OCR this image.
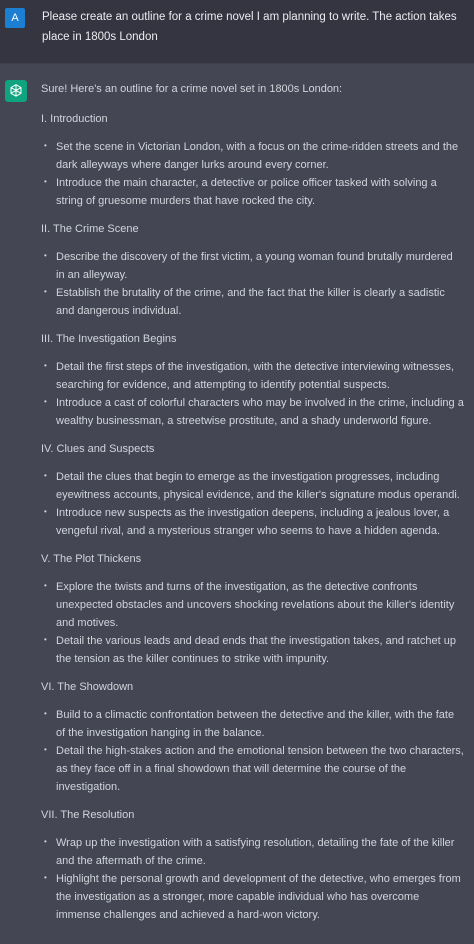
A	Please create an outline for a crime novel I am planning to write. The action takes place in 1800s London
Sure! Here's an outline for a crime novel set in 1800s London:
I. Introduction
• Set the scene in Victorian London, with a focus on the crime-ridden streets and the dark alleyways where danger lurks around every corner.
• Introduce the main character, a detective or police officer tasked with solving a string of gruesome murders that have rocked the city.
II. The Crime Scene
• Describe the discovery of the first victim, a young woman found brutally murdered in an alleyway.
• Establish the brutality of the crime, and the fact that the killer is clearly a sadistic and dangerous individual.
III. The Investigation Begins
• Detail the first steps of the investigation, with the detective interviewing witnesses, searching for evidence, and attempting to identify potential suspects.
• Introduce a cast of colorful characters who may be involved in the crime, including a wealthy businessman, a streetwise prostitute, and a shady underworld figure.
IV. Clues and Suspects
• Detail the clues that begin to emerge as the investigation progresses, including eyewitness accounts, physical evidence, and the killer's signature modus operandi.
• Introduce new suspects as the investigation deepens, including a jealous lover, a vengeful rival, and a mysterious stranger who seems to have a hidden agenda.
V. The Plot Thickens
• Explore the twists and turns of the investigation, as the detective confronts unexpected obstacles and uncovers shocking revelations about the killer's identity and motives.
• Detail the various leads and dead ends that the investigation takes, and ratchet up the tension as the killer continues to strike with impunity.
VI. The Showdown
• Build to a climactic confrontation between the detective and the killer, with the fate of the investigation hanging in the balance.
• Detail the high-stakes action and the emotional tension between the two characters, as they face off in a final showdown that will determine the course of the investigation.
VII. The Resolution
• Wrap up the investigation with a satisfying resolution, detailing the fate of the killer and the aftermath of the crime.
• Highlight the personal growth and development of the detective, who emerges from the investigation as a stronger, more capable individual who has overcome immense challenges and achieved a hard-won victory.
